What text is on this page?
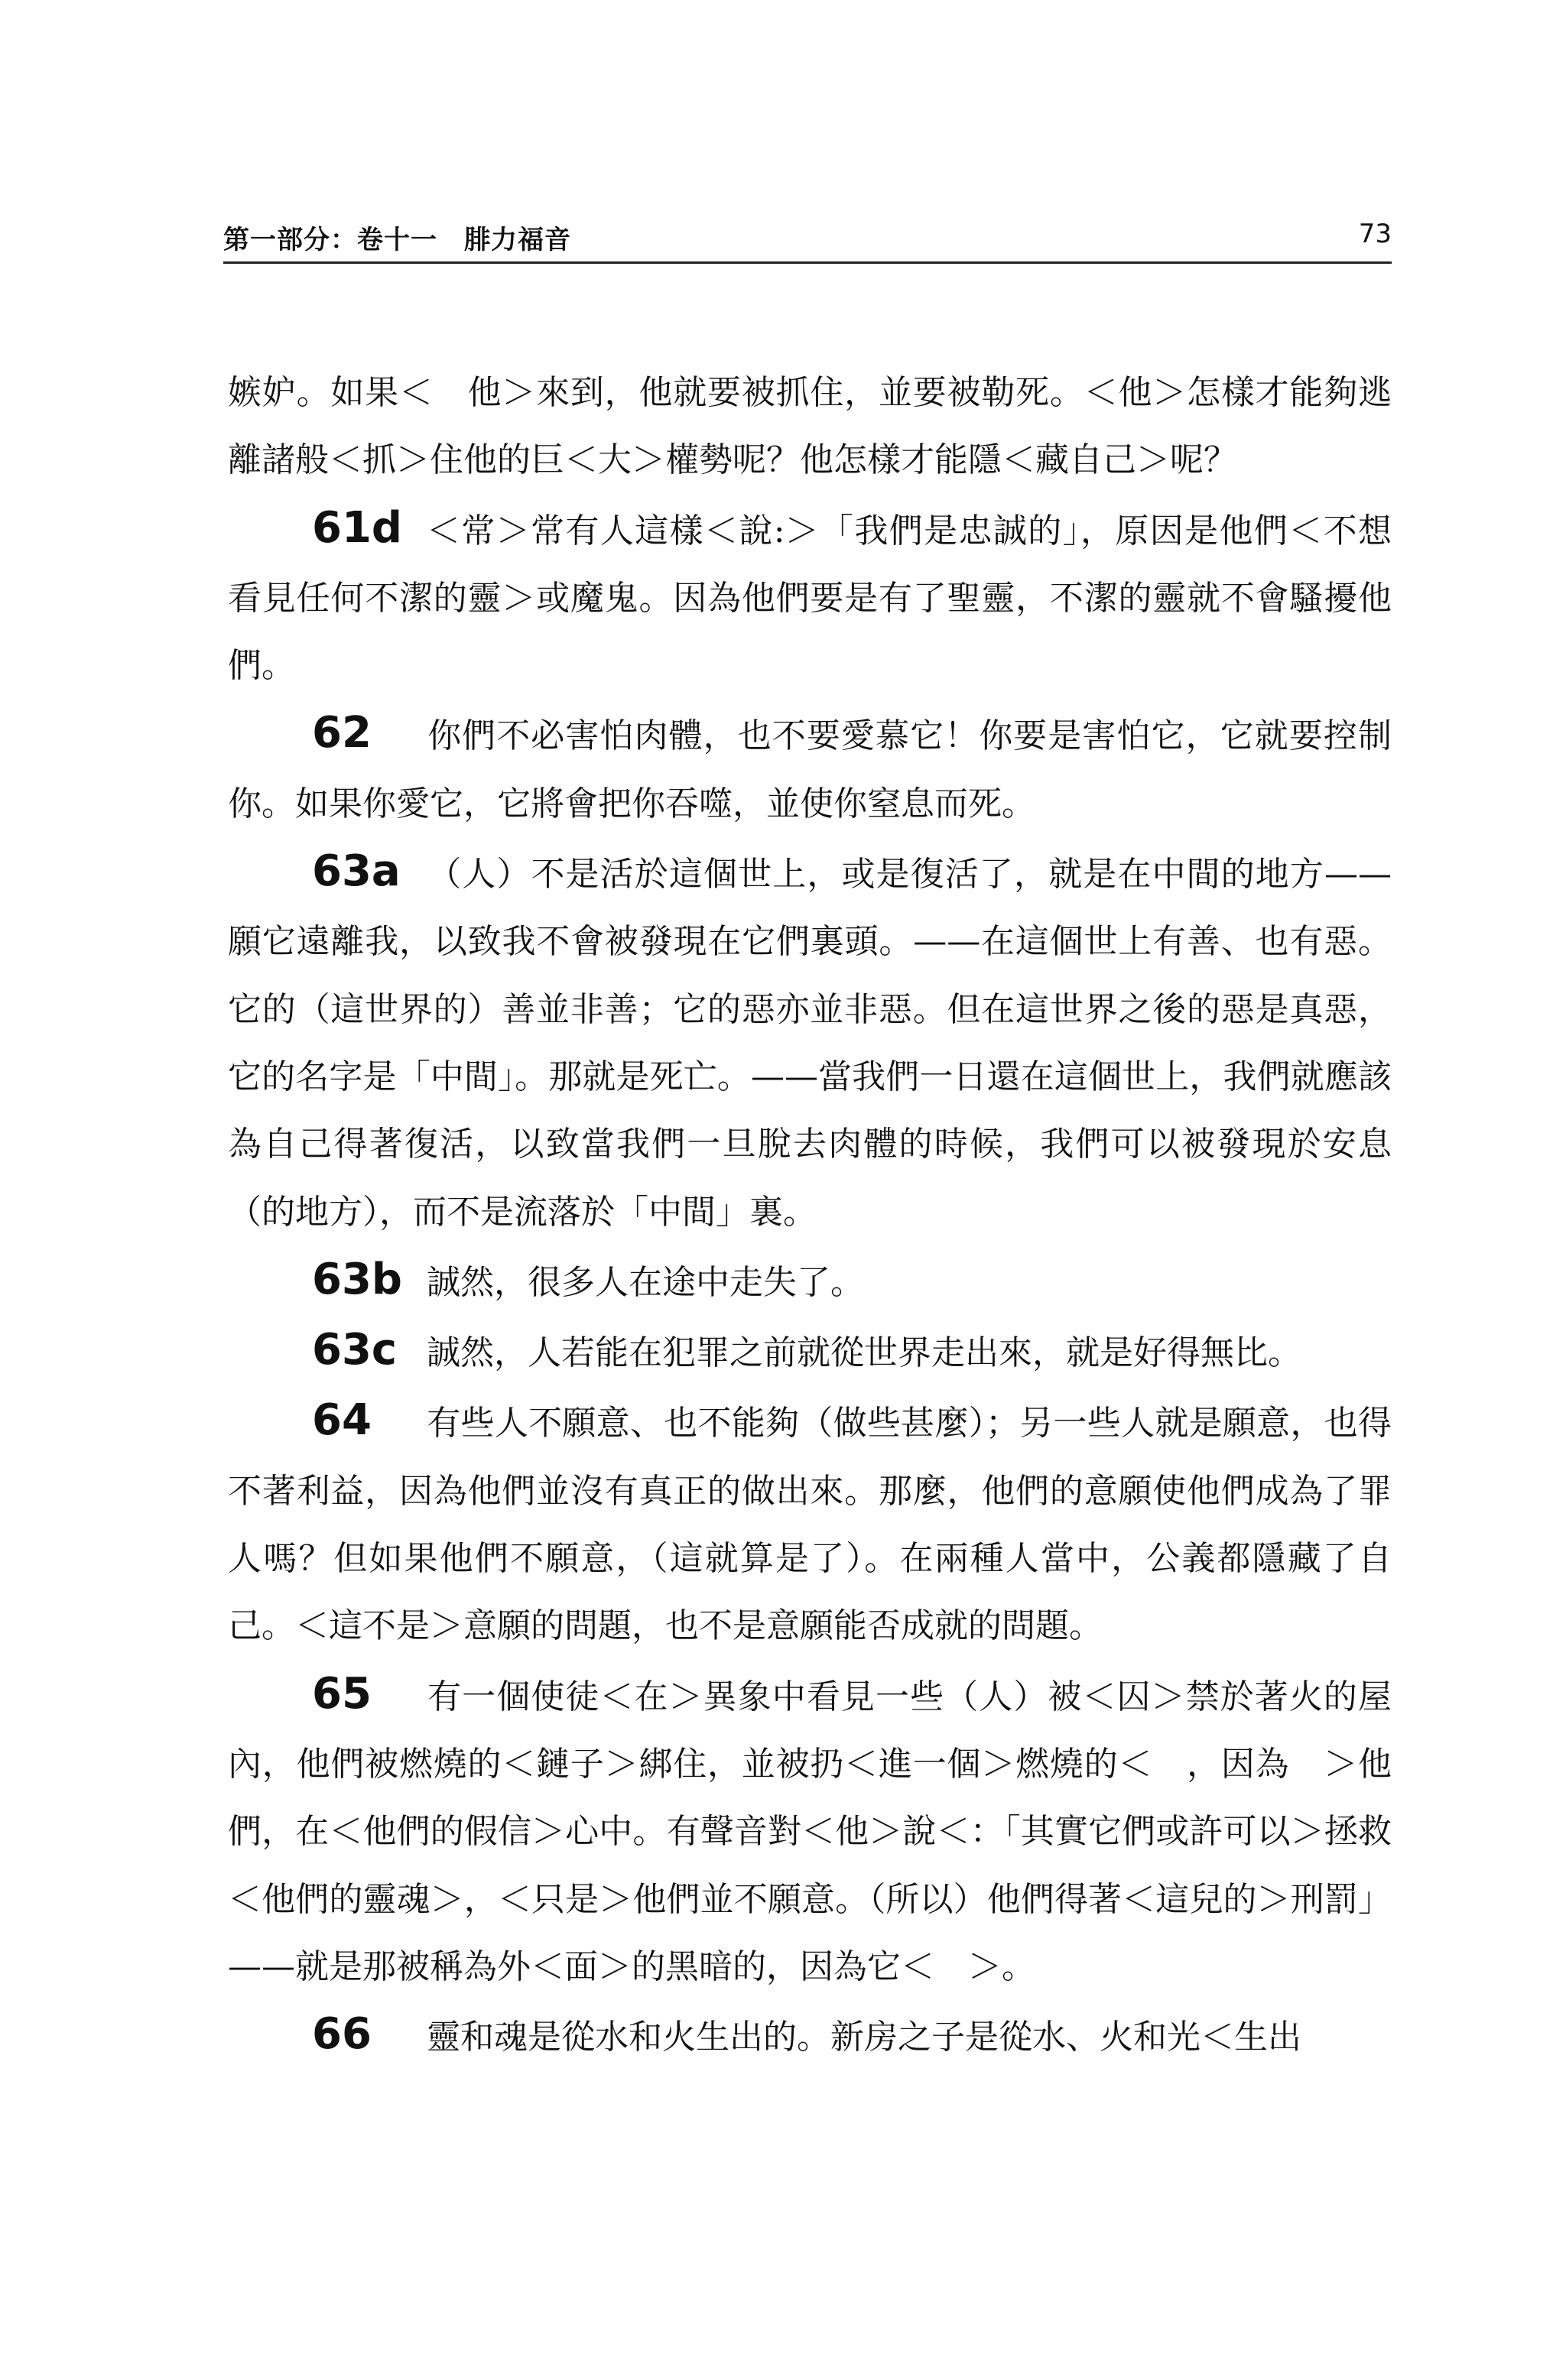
第一部分：卷十一　腓力福音	73

嫉妒。如果＜　他＞來到，他就要被抓住，並要被勒死。＜他＞怎樣才能夠逃離諸般＜抓＞住他的巨＜大＞權勢呢？他怎樣才能隱＜藏自己＞呢？

61d ＜常＞常有人這樣＜說:＞「我們是忠誠的」，原因是他們＜不想看見任何不潔的靈＞或魔鬼。因為他們要是有了聖靈，不潔的靈就不會騷擾他們。

62 你們不必害怕肉體，也不要愛慕它！你要是害怕它，它就要控制你。如果你愛它，它將會把你吞噬，並使你窒息而死。

63a （人）不是活於這個世上，或是復活了，就是在中間的地方——願它遠離我，以致我不會被發現在它們裏頭。——在這個世上有善、也有惡。它的（這世界的）善並非善；它的惡亦並非惡。但在這世界之後的惡是真惡，它的名字是「中間」。那就是死亡。——當我們一日還在這個世上，我們就應該為自己得著復活，以致當我們一旦脫去肉體的時候，我們可以被發現於安息（的地方），而不是流落於「中間」裏。

63b 誠然，很多人在途中走失了。

63c 誠然，人若能在犯罪之前就從世界走出來，就是好得無比。

64 有些人不願意、也不能夠（做些甚麼）；另一些人就是願意，也得不著利益，因為他們並沒有真正的做出來。那麼，他們的意願使他們成為了罪人嗎？但如果他們不願意，（這就算是了）。在兩種人當中，公義都隱藏了自己。＜這不是＞意願的問題，也不是意願能否成就的問題。

65 有一個使徒＜在＞異象中看見一些（人）被＜囚＞禁於著火的屋內，他們被燃燒的＜鏈子＞綁住，並被扔＜進一個＞燃燒的＜　，因為　＞他們，在＜他們的假信＞心中。有聲音對＜他＞說＜：「其實它們或許可以＞拯救＜他們的靈魂＞，＜只是＞他們並不願意。（所以）他們得著＜這兒的＞刑罰」——就是那被稱為外＜面＞的黑暗的，因為它＜　＞。

66 靈和魂是從水和火生出的。新房之子是從水、火和光＜生出
